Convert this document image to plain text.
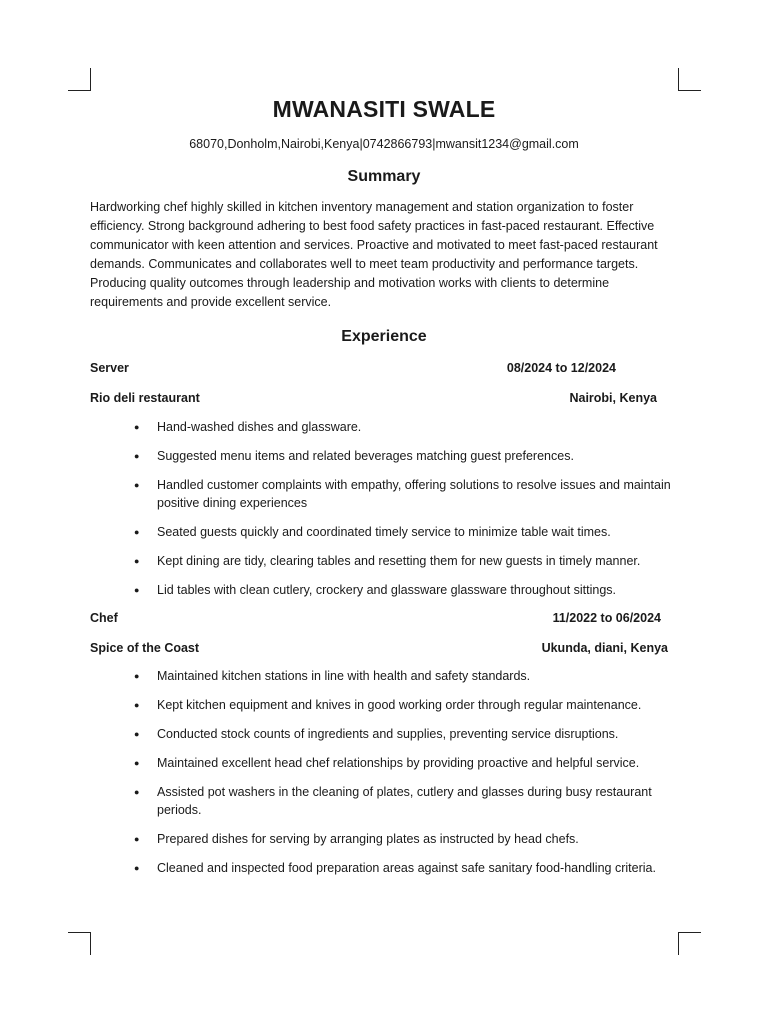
MWANASITI SWALE
68070,Donholm,Nairobi,Kenya|0742866793|mwansit1234@gmail.com
Summary

Hardworking chef highly skilled in kitchen inventory management and station organization to foster efficiency. Strong background adhering to best food safety practices in fast-paced restaurant. Effective communicator with keen attention and services. Proactive and motivated to meet fast-paced restaurant demands. Communicates and collaborates well to meet team productivity and performance targets. Producing quality outcomes through leadership and motivation works with clients to determine requirements and provide excellent service.

Experience
Server	08/2024 to 12/2024
Rio deli restaurant	Nairobi, Kenya
● Hand-washed dishes and glassware.
● Suggested menu items and related beverages matching guest preferences.
● Handled customer complaints with empathy, offering solutions to resolve issues and maintain positive dining experiences
● Seated guests quickly and coordinated timely service to minimize table wait times.
● Kept dining are tidy, clearing tables and resetting them for new guests in timely manner.
● Lid tables with clean cutlery, crockery and glassware glassware throughout sittings.
Chef	11/2022 to 06/2024
Spice of the Coast	Ukunda, diani, Kenya
● Maintained kitchen stations in line with health and safety standards.
● Kept kitchen equipment and knives in good working order through regular maintenance.
● Conducted stock counts of ingredients and supplies, preventing service disruptions.
● Maintained excellent head chef relationships by providing proactive and helpful service.
● Assisted pot washers in the cleaning of plates, cutlery and glasses during busy restaurant periods.
● Prepared dishes for serving by arranging plates as instructed by head chefs.
● Cleaned and inspected food preparation areas against safe sanitary food-handling criteria.
